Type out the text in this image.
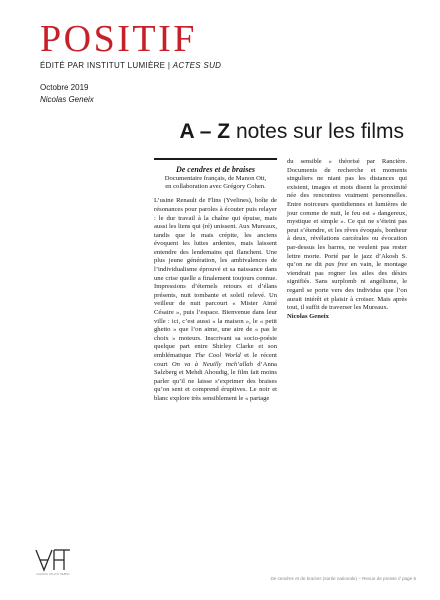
POSITIF
ÉDITÉ PAR INSTITUT LUMIÈRE | ACTES SUD
Octobre 2019
Nicolas Geneix
A – Z notes sur les films
De cendres et de braises
Documentaire français, de Manon Ott,
en collaboration avec Grégory Cohen.

L’usine Renault de Flins (Yvelines), boîte de résonances pour paroles à écouter puis relayer : le dur travail à la chaîne qui épuise, mais aussi les liens qui (ré) unissent. Aux Mureaux, tandis que le mais crépite, les anciens évoquent les luttes ardentes, mais laissent entendre des lendemains qui flanchent. Une plus jeune génération, les ambivalences de l’individualisme éprouvé et sa naissance dans une crise quelle a finalement toujours connue. Impressions d’éternels retours et d’élans présents, nuit tombante et soleil relevé. Un veilleur de nuit parcourt « Mister Aimé Césaire », puis l’espace. Bienvenue dans leur ville : ici, c’est aussi « la maison », le « petit ghetto » que l’on aime, une aire de « pas le choix » moteurs. Inscrivant sa socio-poésie quelque part entre Shirley Clarke et son emblématique The Cool World et le récent court On va à Neuilly inch’allah d’Anna Salzberg et Mehdi Ahoudig, le film fait moins parler qu’il ne laisse s’exprimer des braises qu’on sent et comprend éruptives. Le noir et blanc explore très sensiblement le « partage

du sensible » théorisé par Rancière. Documents de recherche et moments singuliers ne niant pas les distances qui existent, images et mots disent la proximité née des rencontres vraiment personnelles. Entre noirceurs quotidiennes et lumières de jour comme de nuit, le feu est « dangereux, mystique et simple ». Ce qui ne s’éteint pas peut s’étendre, et les rêves évoqués, bonheur à deux, révélations carcérales ou évocation par-dessus les barres, ne veulent pas rester lettre morte. Porté par le jazz d’Akosh S. qu’on ne dit pas free en vain, le montage viendrait pas rogner les ailes des désirs signifiés. Sans surplomb ni angélisme, le regard se porte vers des individus que l’on aurait intérêt et plaisir à croiser. Mais après tout, il suffit de traverser les Mureaux.

Nicolas Geneix

AGENCE VALOIS HEBDO
De cendres et de braises (sortie nationale) – Revue de presse // page 6
